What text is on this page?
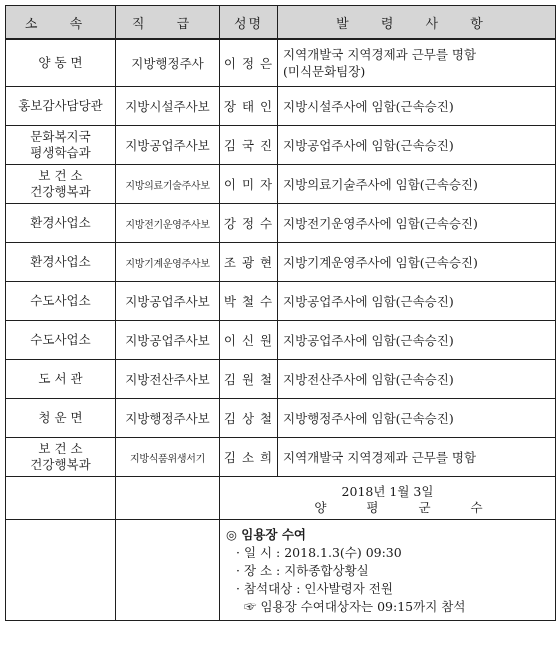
소 속	직 급	성명	발 령 사 항

양 동 면	지방행정주사	이 정 은	지역개발국 지역경제과 근무를 명함
(미식문화팀장)

홍보감사담당관	지방시설주사보	장 태 인	지방시설주사에 임함(근속승진)

문화복지국
평생학습과	지방공업주사보	김 국 진	지방공업주사에 임함(근속승진)

보 건 소
건강행복과	지방의료기술주사보	이 미 자	지방의료기술주사에 임함(근속승진)

환경사업소	지방전기운영주사보	강 정 수	지방전기운영주사에 임함(근속승진)

환경사업소	지방기계운영주사보	조 광 현	지방기계운영주사에 임함(근속승진)

수도사업소	지방공업주사보	박 철 수	지방공업주사에 임함(근속승진)

수도사업소	지방공업주사보	이 신 원	지방공업주사에 임함(근속승진)

도 서 관	지방전산주사보	김 원 철	지방전산주사에 임함(근속승진)

청 운 면	지방행정주사보	김 상 철	지방행정주사에 임함(근속승진)

보 건 소
건강행복과	지방식품위생서기	김 소 희	지역개발국 지역경제과 근무를 명함

		2018년 1월 3일
양 평 군 수	

		◎ 임용장 수여
· 일 시 : 2018.1.3(수) 09:30
· 장 소 : 지하종합상황실
· 참석대상 : 인사발령자 전원
☞ 임용장 수여대상자는 09:15까지 참석	
